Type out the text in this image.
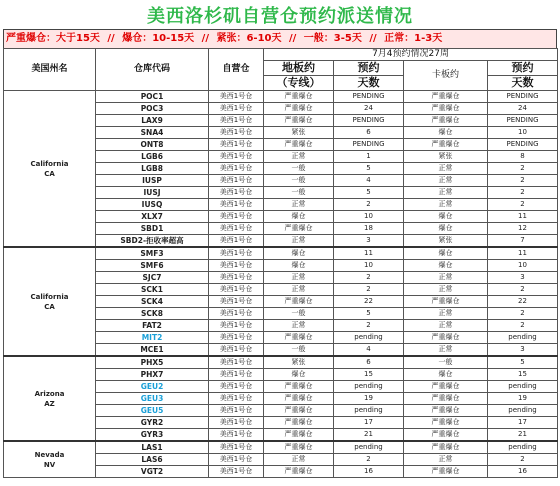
美西洛杉矶自营仓预约派送情况
严重爆仓：大于15天 // 爆仓：10-15天 // 紧张：6-10天 // 一般：3-5天 // 正常：1-3天
美国州名	仓库代码	自营仓	7月4预约情况27周			
			地板约	预约	卡板约	预约
			（专线）	天数		天数

California
CA	POC1	美西1号仓	严重爆仓	PENDING	严重爆仓	PENDING
	POC3	美西1号仓	严重爆仓	24	严重爆仓	24
	LAX9	美西1号仓	严重爆仓	PENDING	严重爆仓	PENDING
	SNA4	美西1号仓	紧张	6	爆仓	10
	ONT8	美西1号仓	严重爆仓	PENDING	严重爆仓	PENDING
	LGB6	美西1号仓	正常	1	紧张	8
	LGB8	美西1号仓	一般	5	正常	2
	IUSP	美西1号仓	一般	4	正常	2
	IUSJ	美西1号仓	一般	5	正常	2
	IUSQ	美西1号仓	正常	2	正常	2
	XLX7	美西1号仓	爆仓	10	爆仓	11
	SBD1	美西1号仓	严重爆仓	18	爆仓	12
	SBD2-拒收率超高	美西1号仓	正常	3	紧张	7

California
CA	SMF3	美西1号仓	爆仓	11	爆仓	11
	SMF6	美西1号仓	爆仓	10	爆仓	10
	SJC7	美西1号仓	正常	2	正常	3
	SCK1	美西1号仓	正常	2	正常	2
	SCK4	美西1号仓	严重爆仓	22	严重爆仓	22
	SCK8	美西1号仓	一般	5	正常	2
	FAT2	美西1号仓	正常	2	正常	2
	MIT2	美西1号仓	严重爆仓	pending	严重爆仓	pending
	MCE1	美西1号仓	一般	4	正常	3

Arizona
AZ	PHX5	美西1号仓	紧张	6	一般	5
	PHX7	美西1号仓	爆仓	15	爆仓	15
	GEU2	美西1号仓	严重爆仓	pending	严重爆仓	pending
	GEU3	美西1号仓	严重爆仓	19	严重爆仓	19
	GEU5	美西1号仓	严重爆仓	pending	严重爆仓	pending
	GYR2	美西1号仓	严重爆仓	17	严重爆仓	17
	GYR3	美西1号仓	严重爆仓	21	严重爆仓	21

Nevada
NV	LAS1	美西1号仓	严重爆仓	pending	严重爆仓	pending
	LAS6	美西1号仓	正常	2	正常	2
	VGT2	美西1号仓	严重爆仓	16	严重爆仓	16
